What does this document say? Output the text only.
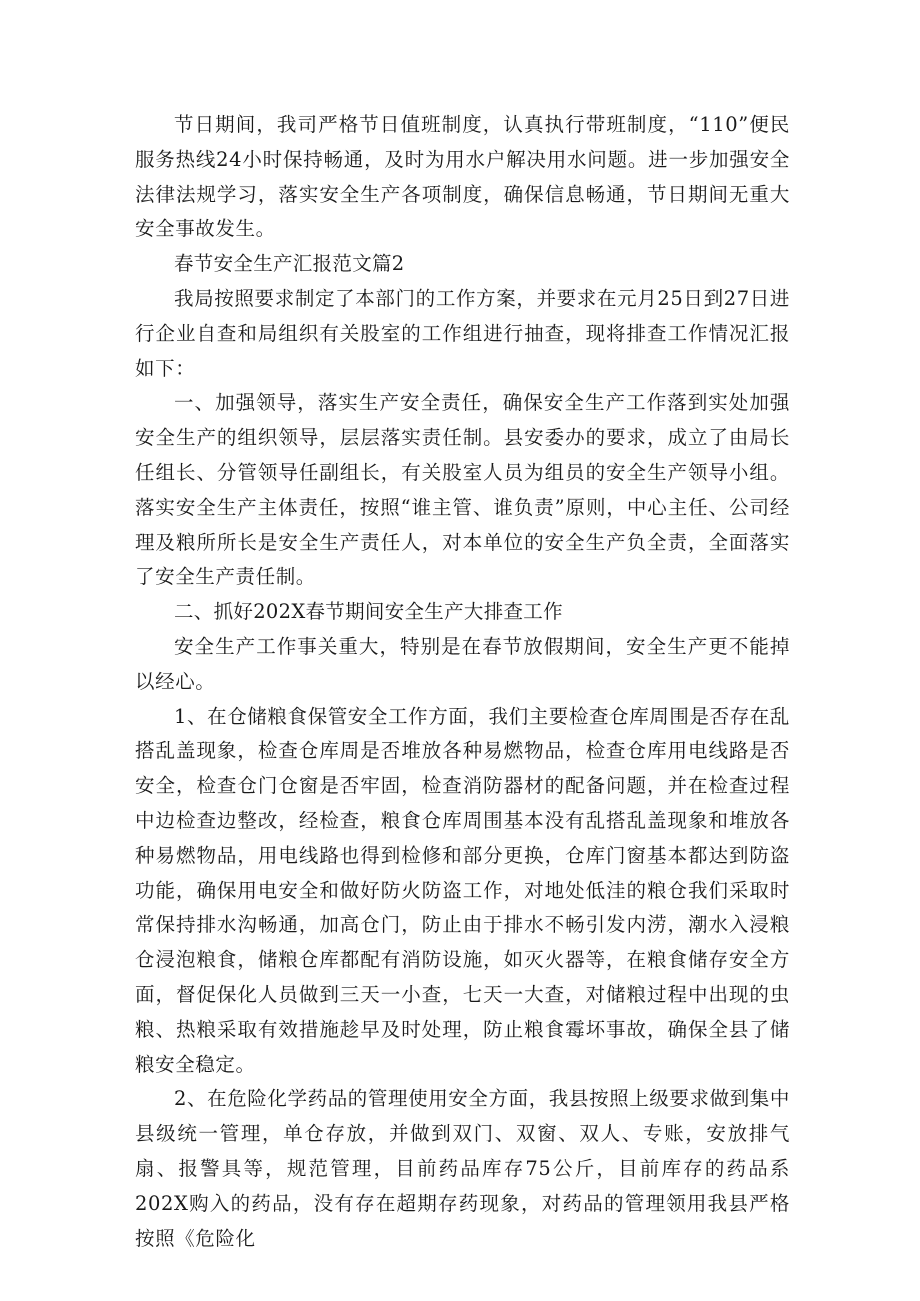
节日期间，我司严格节日值班制度，认真执行带班制度，“110”便民服务热线24小时保持畅通，及时为用水户解决用水问题。进一步加强安全法律法规学习，落实安全生产各项制度，确保信息畅通，节日期间无重大安全事故发生。

春节安全生产汇报范文篇2

我局按照要求制定了本部门的工作方案，并要求在元月25日到27日进行企业自查和局组织有关股室的工作组进行抽查，现将排查工作情况汇报如下：

一、加强领导，落实生产安全责任，确保安全生产工作落到实处加强安全生产的组织领导，层层落实责任制。县安委办的要求，成立了由局长任组长、分管领导任副组长，有关股室人员为组员的安全生产领导小组。落实安全生产主体责任，按照“谁主管、谁负责”原则，中心主任、公司经理及粮所所长是安全生产责任人，对本单位的安全生产负全责，全面落实了安全生产责任制。

二、抓好202X春节期间安全生产大排查工作

安全生产工作事关重大，特别是在春节放假期间，安全生产更不能掉以经心。

1、在仓储粮食保管安全工作方面，我们主要检查仓库周围是否存在乱搭乱盖现象，检查仓库周是否堆放各种易燃物品，检查仓库用电线路是否安全，检查仓门仓窗是否牢固，检查消防器材的配备问题，并在检查过程中边检查边整改，经检查，粮食仓库周围基本没有乱搭乱盖现象和堆放各种易燃物品，用电线路也得到检修和部分更换，仓库门窗基本都达到防盗功能，确保用电安全和做好防火防盗工作，对地处低洼的粮仓我们采取时常保持排水沟畅通，加高仓门，防止由于排水不畅引发内涝，潮水入浸粮仓浸泡粮食，储粮仓库都配有消防设施，如灭火器等，在粮食储存安全方面，督促保化人员做到三天一小查，七天一大查，对储粮过程中出现的虫粮、热粮采取有效措施趁早及时处理，防止粮食霉坏事故，确保全县了储粮安全稳定。

2、在危险化学药品的管理使用安全方面，我县按照上级要求做到集中县级统一管理，单仓存放，并做到双门、双窗、双人、专账，安放排气扇、报警具等，规范管理，目前药品库存75公斤，目前库存的药品系202X购入的药品，没有存在超期存药现象，对药品的管理领用我县严格按照《危险化
